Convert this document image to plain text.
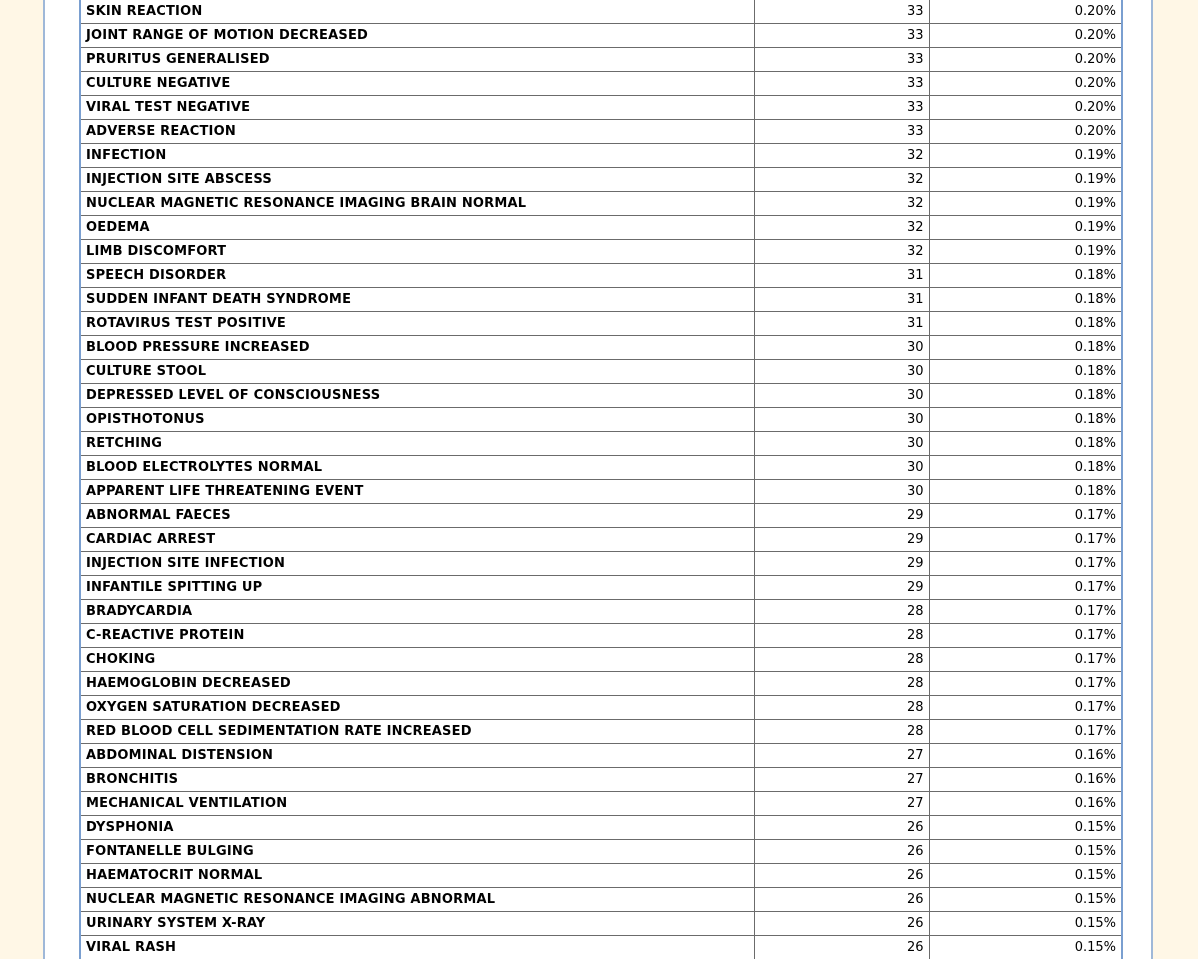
SKIN REACTION	33	0.20%
JOINT RANGE OF MOTION DECREASED	33	0.20%
PRURITUS GENERALISED	33	0.20%
CULTURE NEGATIVE	33	0.20%
VIRAL TEST NEGATIVE	33	0.20%
ADVERSE REACTION	33	0.20%
INFECTION	32	0.19%
INJECTION SITE ABSCESS	32	0.19%
NUCLEAR MAGNETIC RESONANCE IMAGING BRAIN NORMAL	32	0.19%
OEDEMA	32	0.19%
LIMB DISCOMFORT	32	0.19%
SPEECH DISORDER	31	0.18%
SUDDEN INFANT DEATH SYNDROME	31	0.18%
ROTAVIRUS TEST POSITIVE	31	0.18%
BLOOD PRESSURE INCREASED	30	0.18%
CULTURE STOOL	30	0.18%
DEPRESSED LEVEL OF CONSCIOUSNESS	30	0.18%
OPISTHOTONUS	30	0.18%
RETCHING	30	0.18%
BLOOD ELECTROLYTES NORMAL	30	0.18%
APPARENT LIFE THREATENING EVENT	30	0.18%
ABNORMAL FAECES	29	0.17%
CARDIAC ARREST	29	0.17%
INJECTION SITE INFECTION	29	0.17%
INFANTILE SPITTING UP	29	0.17%
BRADYCARDIA	28	0.17%
C-REACTIVE PROTEIN	28	0.17%
CHOKING	28	0.17%
HAEMOGLOBIN DECREASED	28	0.17%
OXYGEN SATURATION DECREASED	28	0.17%
RED BLOOD CELL SEDIMENTATION RATE INCREASED	28	0.17%
ABDOMINAL DISTENSION	27	0.16%
BRONCHITIS	27	0.16%
MECHANICAL VENTILATION	27	0.16%
DYSPHONIA	26	0.15%
FONTANELLE BULGING	26	0.15%
HAEMATOCRIT NORMAL	26	0.15%
NUCLEAR MAGNETIC RESONANCE IMAGING ABNORMAL	26	0.15%
URINARY SYSTEM X-RAY	26	0.15%
VIRAL RASH	26	0.15%
